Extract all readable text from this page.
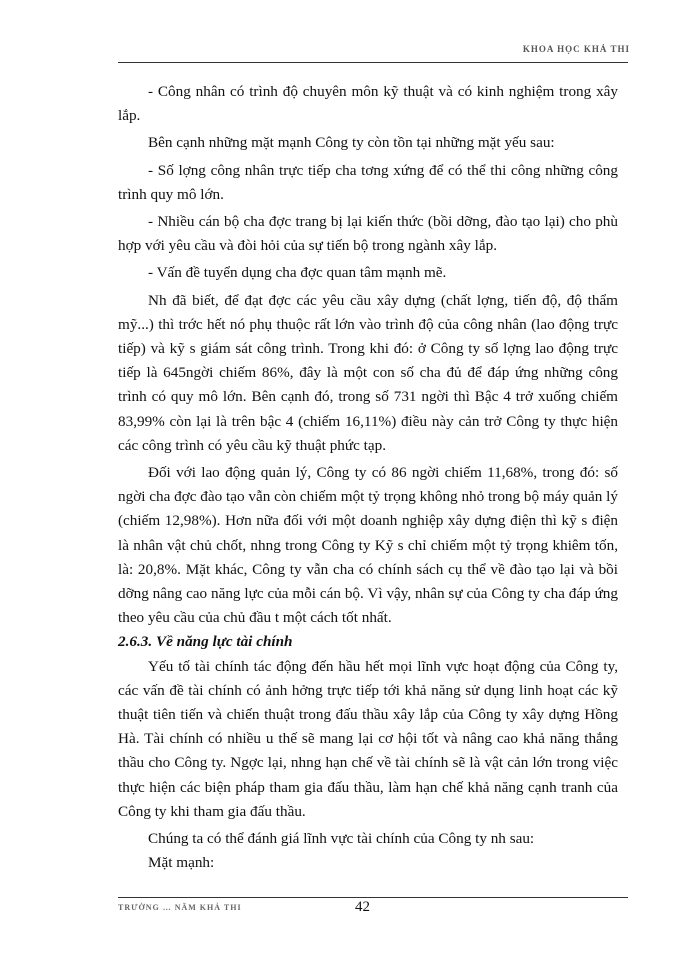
KHOA HỌC KHẢ THI

- Công nhân có trình độ chuyên môn kỹ thuật và có kinh nghiệm trong xây lắp.

Bên cạnh những mặt mạnh Công ty còn tồn tại những mặt yếu sau:

- Số lợng công nhân trực tiếp cha tơng xứng để có thể thi công những công trình quy mô lớn.

- Nhiều cán bộ cha đợc trang bị lại kiến thức (bồi dỡng, đào tạo lại) cho phù hợp với yêu cầu và đòi hỏi của sự tiến bộ trong ngành xây lắp.

- Vấn đề tuyển dụng cha đợc quan tâm mạnh mẽ.

Nh đã biết, để đạt đợc các yêu cầu xây dựng (chất lợng, tiến độ, độ thẩm mỹ...) thì trớc hết nó phụ thuộc rất lớn vào trình độ của công nhân (lao động trực tiếp) và kỹ s giám sát công trình. Trong khi đó: ở Công ty số lợng lao động trực tiếp là 645ngời chiếm 86%, đây là một con số cha đủ để đáp ứng những công trình có quy mô lớn. Bên cạnh đó, trong số 731 ngời thì Bậc 4 trở xuống chiếm 83,99% còn lại là trên bậc 4 (chiếm 16,11%) điều này cản trở Công ty thực hiện các công trình có yêu cầu kỹ thuật phức tạp.

Đối với lao động quản lý, Công ty có 86 ngời chiếm 11,68%, trong đó: số ngời cha đợc đào tạo vẫn còn chiếm một tỷ trọng không nhỏ trong bộ máy quản lý (chiếm 12,98%). Hơn nữa đối với một doanh nghiệp xây dựng điện thì kỹ s điện là nhân vật chủ chốt, nhng trong Công ty Kỹ s chỉ chiếm một tỷ trọng khiêm tốn, là: 20,8%. Mặt khác, Công ty vẫn cha có chính sách cụ thể về đào tạo lại và bồi dỡng nâng cao năng lực của mỗi cán bộ. Vì vậy, nhân sự của Công ty cha đáp ứng theo yêu cầu của chủ đầu t một cách tốt nhất.

2.6.3. Về năng lực tài chính

Yếu tố tài chính tác động đến hầu hết mọi lĩnh vực hoạt động của Công ty, các vấn đề tài chính có ảnh hởng trực tiếp tới khả năng sử dụng linh hoạt các kỹ thuật tiên tiến và chiến thuật trong đấu thầu xây lắp của Công ty xây dựng Hồng Hà. Tài chính có nhiều u thế sẽ mang lại cơ hội tốt và nâng cao khả năng thắng thầu cho Công ty. Ngợc lại, nhng hạn chế về tài chính sẽ là vật cản lớn trong việc thực hiện các biện pháp tham gia đấu thầu, làm hạn chế khả năng cạnh tranh của Công ty khi tham gia đấu thầu.

Chúng ta có thể đánh giá lĩnh vực tài chính của Công ty nh sau:

Mặt mạnh:

TRƯỜNG … NĂM KHẢ THI	42
